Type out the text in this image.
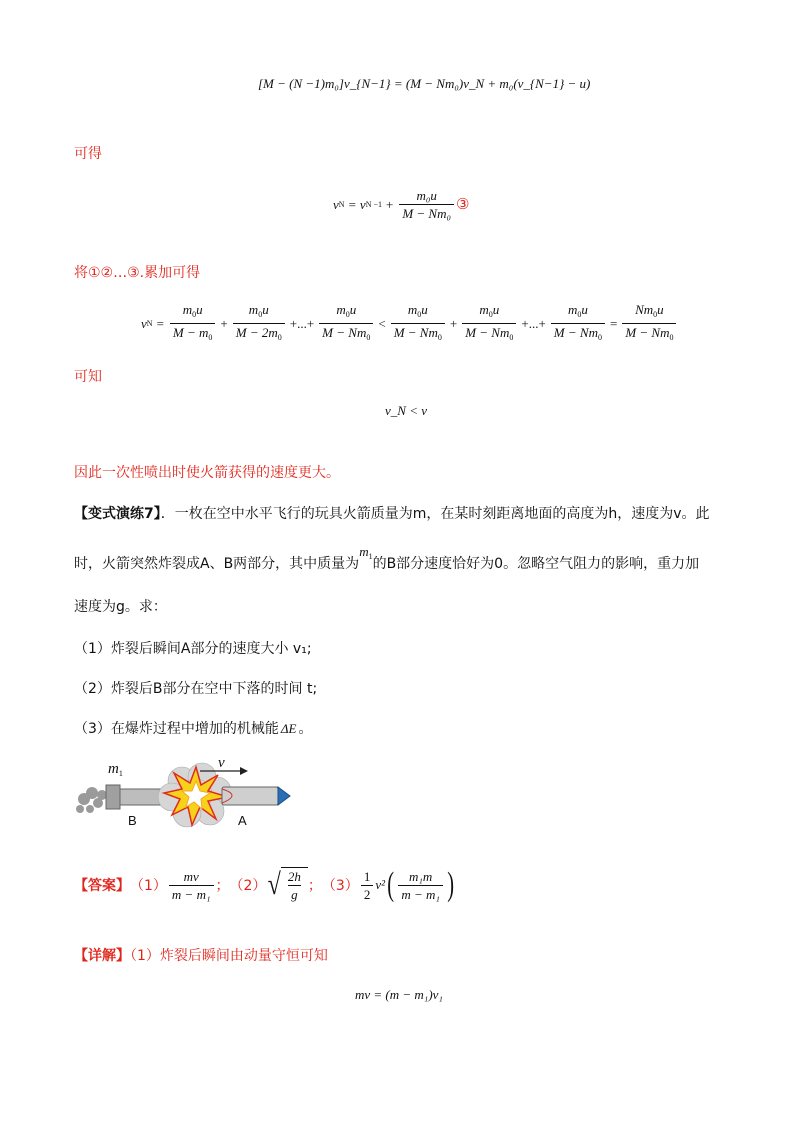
[M − (N −1)m₀]v_{N−1} = (M − Nm₀)v_N + m₀(v_{N−1} − u)
可得
v N = v $N -1 + \frac{\text{m₀u}}{\text{M − Nm₀}}$ ③
将①②…③.累加可得
v $N = \frac{m_0u}{M - m_0} + \frac{m_0u}{M - 2m_0}$ +...+ $\frac{m_0u}{M - Nm_0} < \frac{m_0u}{M - Nm_0} + \frac{m_0u}{M - Nm_0}$ +...+ $\frac{m_0u}{M - Nm_0} = \frac{Nm_0u}{M - Nm_0}$
可知
v_N < v
因此一次性喷出时使火箭获得的速度更大。
【变式演练7】．一枚在空中水平飞行的玩具火箭质量为m，在某时刻距离地面的高度为h，速度为v。此
时，火箭突然炸裂成A、B两部分，其中质量为$m_1$的B部分速度恰好为0。忽略空气阻力的影响，重力加
速度为g。求：
（1）炸裂后瞬间A部分的速度大小 v₁;
（2）炸裂后B部分在空中下落的时间 t;
（3）在爆炸过程中增加的机械能 ΔE 。
$m_1$
v
B	A
【答案】 $(1) \frac{mv}{\text{m − m₁}}$ ； （2） √ $\frac{2h}{g}$ ； $(3) \frac{1}{2} v^2$ ( $\frac{\text{m₁m}}{\text{m − m₁}}$ )
【详解】（1）炸裂后瞬间由动量守恒可知
mv = (m − m₁)v₁
